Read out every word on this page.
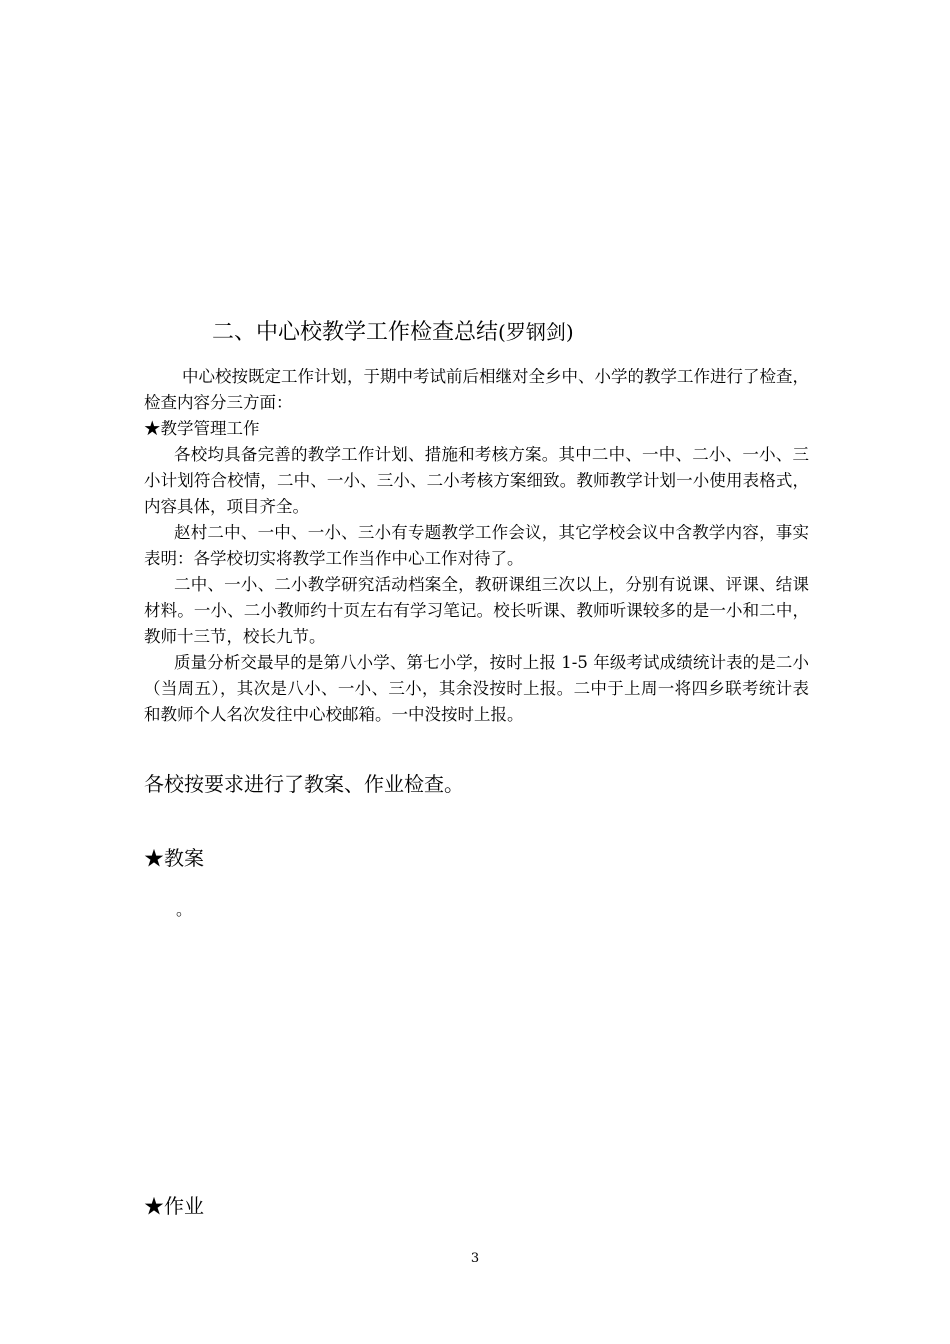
二、中心校教学工作检查总结(罗钢剑)

中心校按既定工作计划，于期中考试前后相继对全乡中、小学的教学工作进行了检查，检查内容分三方面：

★教学管理工作

各校均具备完善的教学工作计划、措施和考核方案。其中二中、一中、二小、一小、三小计划符合校情，二中、一小、三小、二小考核方案细致。教师教学计划一小使用表格式，内容具体，项目齐全。

赵村二中、一中、一小、三小有专题教学工作会议，其它学校会议中含教学内容，事实表明：各学校切实将教学工作当作中心工作对待了。

二中、一小、二小教学研究活动档案全，教研课组三次以上，分别有说课、评课、结课材料。一小、二小教师约十页左右有学习笔记。校长听课、教师听课较多的是一小和二中，教师十三节，校长九节。

质量分析交最早的是第八小学、第七小学，按时上报 1-5 年级考试成绩统计表的是二小（当周五），其次是八小、一小、三小，其余没按时上报。二中于上周一将四乡联考统计表和教师个人名次发往中心校邮箱。一中没按时上报。

各校按要求进行了教案、作业检查。
★教案
。
★作业
3
